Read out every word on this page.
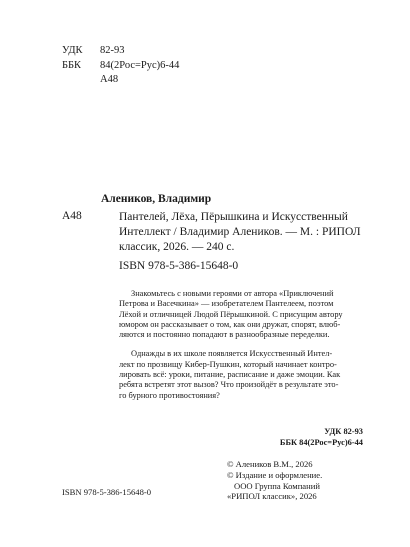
УДК	82-93
ББК	84(2Рос=Рус)6-44
А48
Алеников, Владимир
А48	Пантелей, Лёха, Пёрышкина и Искусственный
Интеллект / Владимир Алеников. — М. : РИПОЛ
классик, 2026. — 240 с.
ISBN 978-5-386-15648-0
Знакомьтесь с новыми героями от автора «Приключений
Петрова и Васечкина» — изобретателем Пантелеем, поэтом
Лёхой и отличницей Людой Пёрышкиной. С присущим автору
юмором он рассказывает о том, как они дружат, спорят, влюб-
ляются и постоянно попадают в разнообразные переделки.
Однажды в их школе появляется Искусственный Интел-
лект по прозвищу Кибер-Пушкин, который начинает контро-
лировать всё: уроки, питание, расписание и даже эмоции. Как
ребята встретят этот вызов? Что произойдёт в результате это-
го бурного противостояния?
УДК 82-93
ББК 84(2Рос=Рус)6-44
ISBN 978-5-386-15648-0
© Алеников В.М., 2026
© Издание и оформление.
ООО Группа Компаний
«РИПОЛ классик», 2026
